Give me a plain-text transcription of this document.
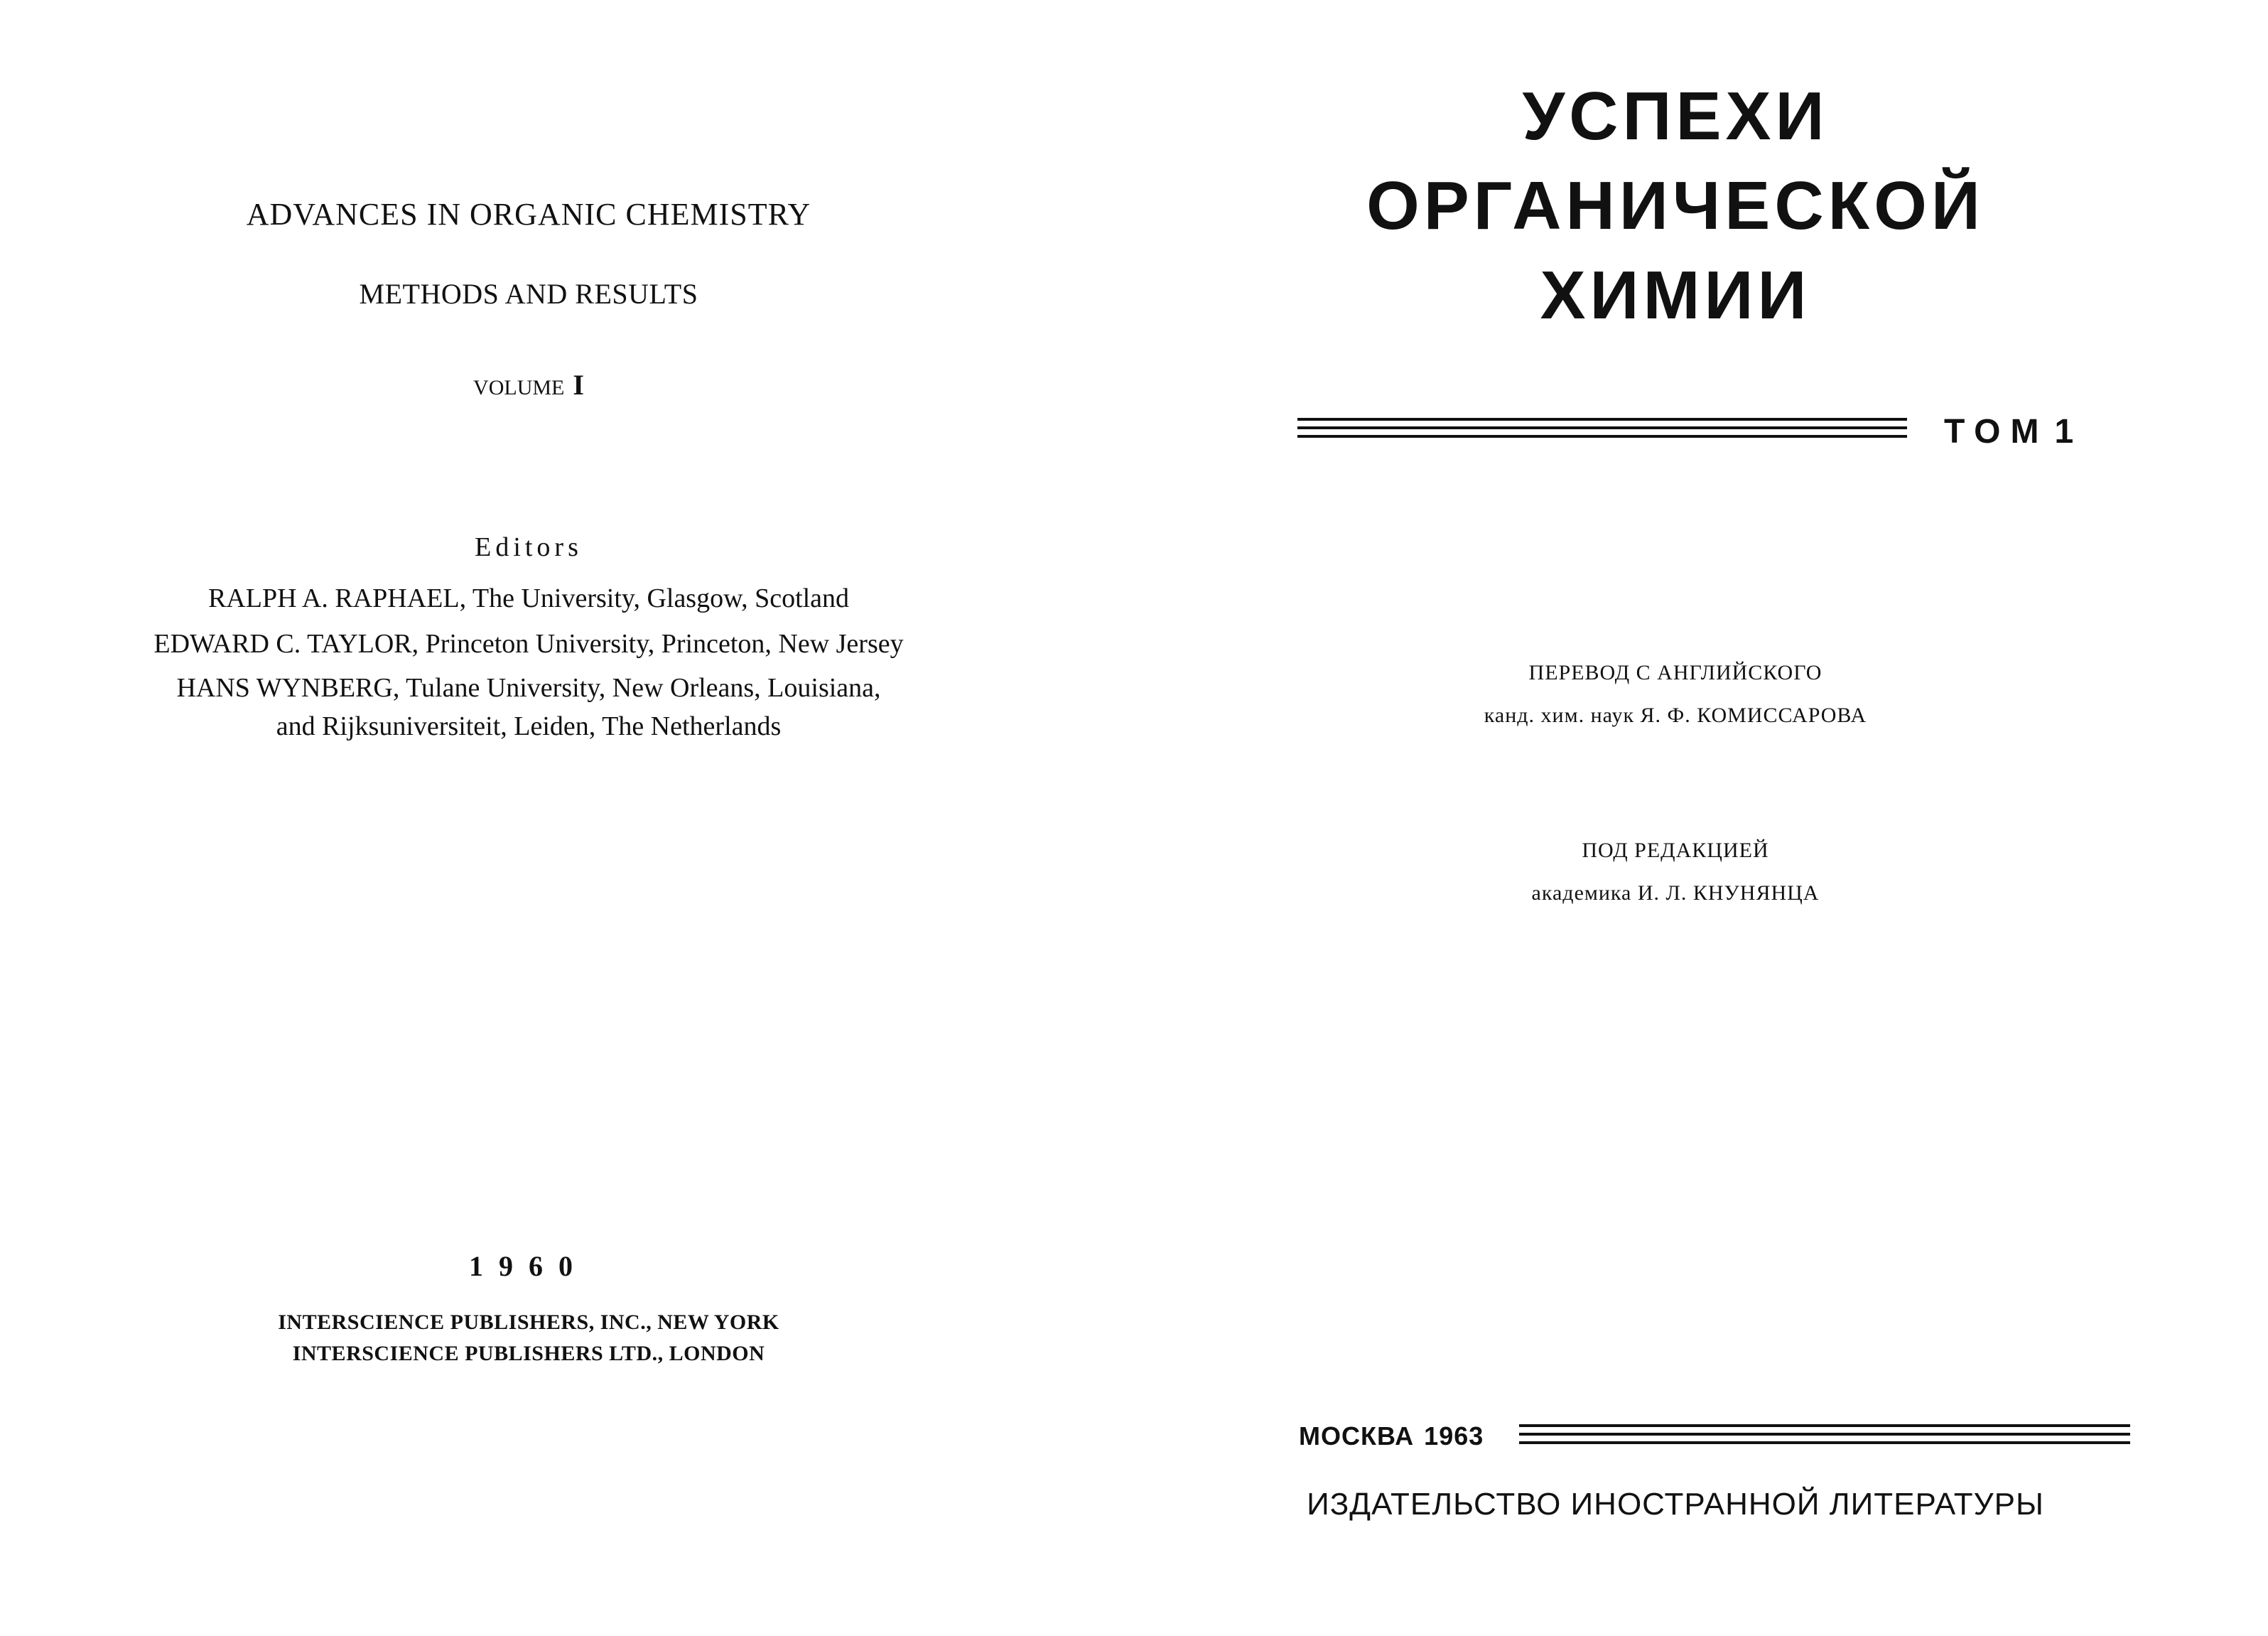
ADVANCES IN ORGANIC CHEMISTRY
METHODS AND RESULTS
VOLUME I
Editors
RALPH A. RAPHAEL, The University, Glasgow, Scotland
EDWARD C. TAYLOR, Princeton University, Princeton, New Jersey
HANS WYNBERG, Tulane University, New Orleans, Louisiana,
and Rijksuniversiteit, Leiden, The Netherlands
1960
INTERSCIENCE PUBLISHERS, INC., NEW YORK
INTERSCIENCE PUBLISHERS LTD., LONDON
УСПЕХИ
ОРГАНИЧЕСКОЙ
ХИМИИ
ТОМ 1
ПЕРЕВОД С АНГЛИЙСКОГО
канд. хим. наук Я. Ф. КОМИССАРОВА
ПОД РЕДАКЦИЕЙ
академика И. Л. КНУНЯНЦА
МОСКВА 1963
ИЗДАТЕЛЬСТВО ИНОСТРАННОЙ ЛИТЕРАТУРЫ
